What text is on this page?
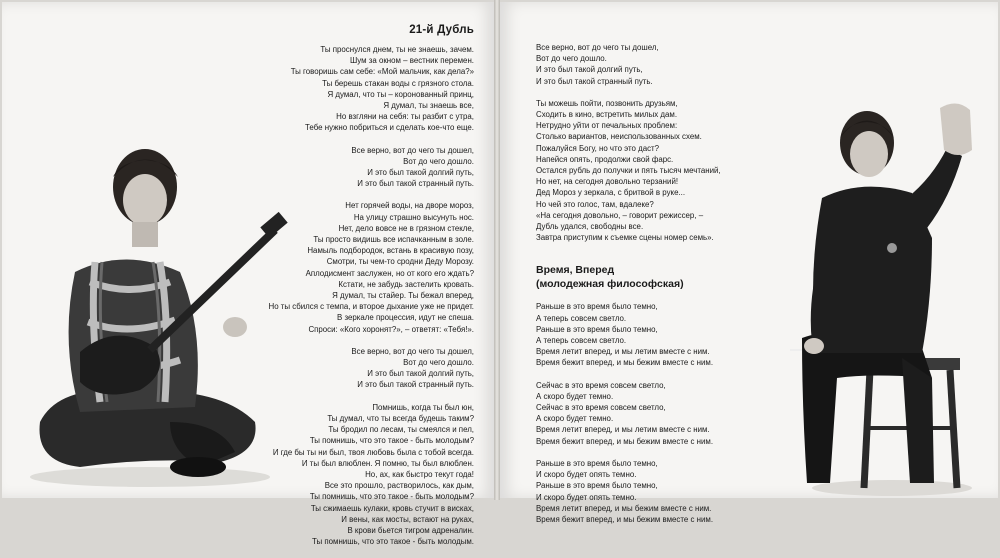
21-й Дубль
Ты проснулся днем, ты не знаешь, зачем.
Шум за окном – вестник перемен.
Ты говоришь сам себе: «Мой мальчик, как дела?»
Ты берешь стакан воды с грязного стола.
Я думал, что ты – коронованный принц,
Я думал, ты знаешь все,
Но взгляни на себя: ты разбит с утра,
Тебе нужно побриться и сделать кое-что еще.
Все верно, вот до чего ты дошел,
Вот до чего дошло.
И это был такой долгий путь,
И это был такой странный путь.
Нет горячей воды, на дворе мороз,
На улицу страшно высунуть нос.
Нет, дело вовсе не в грязном стекле,
Ты просто видишь все испачканным в золе.
Намыль подбородок, встань в красивую позу,
Смотри, ты чем-то сродни Деду Морозу.
Аплодисмент заслужен, но от кого его ждать?
Кстати, не забудь застелить кровать.
Я думал, ты стайер. Ты бежал вперед,
Но ты сбился с темпа, и второе дыхание уже не придет.
В зеркале процессия, идут не спеша.
Спроси: «Кого хоронят?», – ответят: «Тебя!».
Все верно, вот до чего ты дошел,
Вот до чего дошло.
И это был такой долгий путь,
И это был такой странный путь.
Помнишь, когда ты был юн,
Ты думал, что ты всегда будешь таким?
Ты бродил по лесам, ты смеялся и пел,
Ты помнишь, что это такое - быть молодым?
И где бы ты ни был, твоя любовь была с тобой всегда.
И ты был влюблен. Я помню, ты был влюблен.
Но, ах, как быстро текут года!
Все это прошло, растворилось, как дым,
Ты помнишь, что это такое - быть молодым?
Ты сжимаешь кулаки, кровь стучит в висках,
И вены, как мосты, встают на руках,
В крови бьется тигром адреналин.
Ты помнишь, что это такое - быть молодым.
Все верно, вот до чего ты дошел,
Вот до чего дошло.
И это был такой долгий путь,
И это был такой странный путь.
Ты можешь пойти, позвонить друзьям,
Сходить в кино, встретить милых дам.
Нетрудно уйти от печальных проблем:
Столько вариантов, неиспользованных схем.
Пожалуйся Богу, но что это даст?
Напейся опять, продолжи свой фарс.
Остался рубль до получки и пять тысяч мечтаний,
Но нет, на сегодня довольно терзаний!
Дед Мороз у зеркала, с бритвой в руке...
Но чей это голос, там, вдалеке?
«На сегодня довольно, – говорит режиссер, –
Дубль удался, свободны все.
Завтра приступим к съемке сцены номер семь».
Время, Вперед
(молодежная философская)
Раньше в это время было темно,
А теперь совсем светло.
Раньше в это время было темно,
А теперь совсем светло.
Время летит вперед, и мы летим вместе с ним.
Время бежит вперед, и мы бежим вместе с ним.
Сейчас в это время совсем светло,
А скоро будет темно.
Сейчас в это время совсем светло,
А скоро будет темно.
Время летит вперед, и мы летим вместе с ним.
Время бежит вперед, и мы бежим вместе с ним.
Раньше в это время было темно,
И скоро будет опять темно.
Раньше в это время было темно,
И скоро будет опять темно.
Время летит вперед, и мы бежим вместе с ним.
Время бежит вперед, и мы бежим вместе с ним.
